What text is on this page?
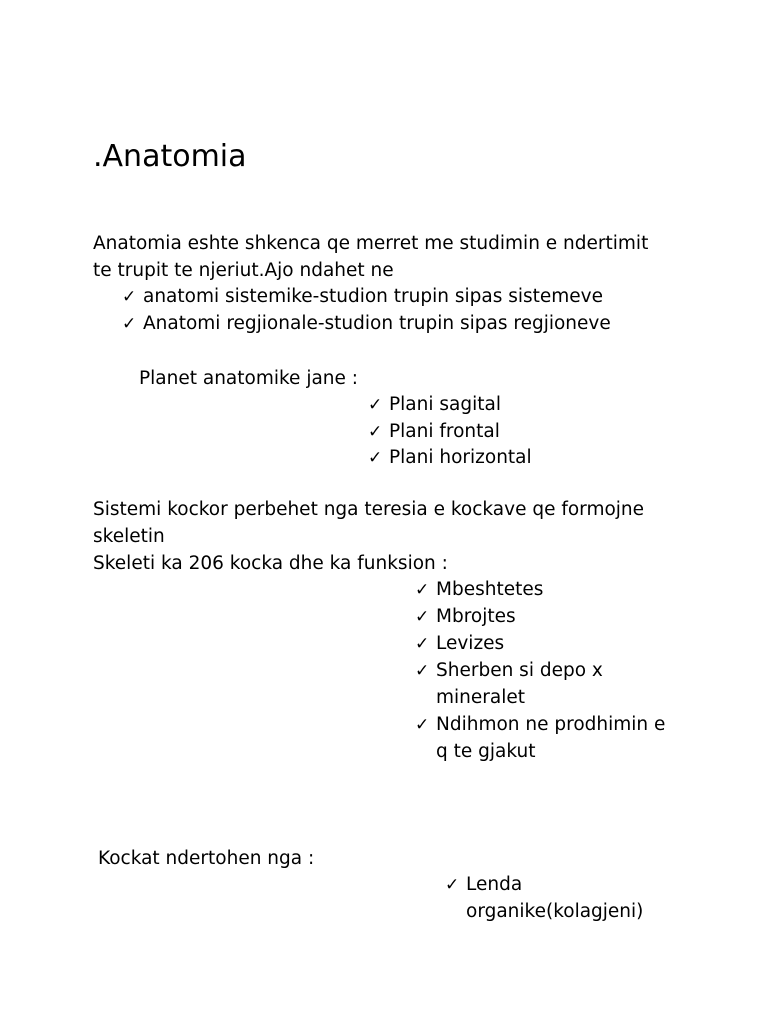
.Anatomia
Anatomia eshte shkenca qe merret me studimin e ndertimit
te trupit te njeriut.Ajo ndahet ne
✓ anatomi sistemike-studion trupin sipas sistemeve
✓ Anatomi regjionale-studion trupin sipas regjioneve
Planet anatomike jane :
✓ Plani sagital
✓ Plani frontal
✓ Plani horizontal
Sistemi kockor perbehet nga teresia e kockave qe formojne
skeletin
Skeleti ka 206 kocka dhe ka funksion :
✓ Mbeshtetes
✓ Mbrojtes
✓ Levizes
✓ Sherben si depo x
mineralet
✓ Ndihmon ne prodhimin e
q te gjakut
Kockat ndertohen nga :
✓ Lenda
organike(kolagjeni)
